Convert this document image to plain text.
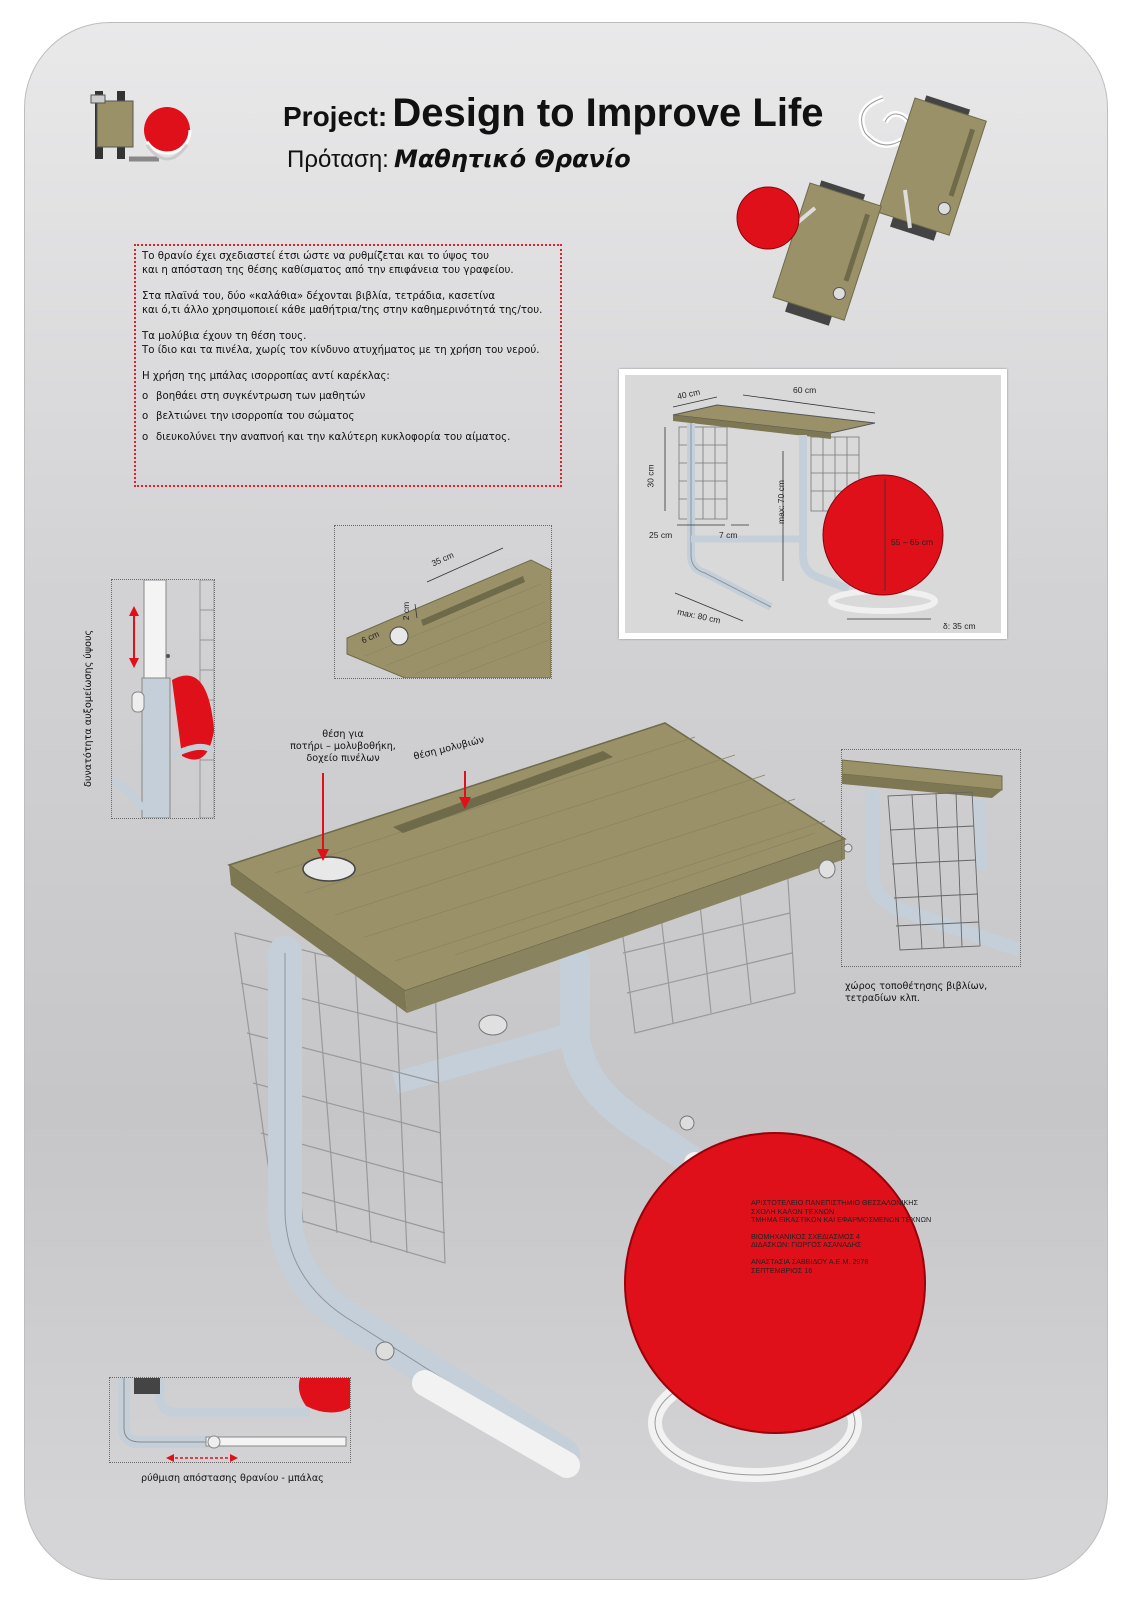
Project: Design to Improve Life
Πρόταση: Μαθητικό Θρανίο

Το θρανίο έχει σχεδιαστεί έτσι ώστε να ρυθμίζεται και το ύψος του
και η απόσταση της θέσης καθίσματος από την επιφάνεια του γραφείου.

Στα πλαϊνά του, δύο «καλάθια» δέχονται βιβλία, τετράδια, κασετίνα
και ό,τι άλλο χρησιμοποιεί κάθε μαθήτρια/της στην καθημερινότητά της/του.

Τα μολύβια έχουν τη θέση τους.
Το ίδιο και τα πινέλα, χωρίς τον κίνδυνο ατυχήματος με τη χρήση του νερού.

Η χρήση της μπάλας ισορροπίας αντί καρέκλας:

o βοηθάει στη συγκέντρωση των μαθητών
o βελτιώνει την ισορροπία του σώματος
o διευκολύνει την αναπνοή και την καλύτερη κυκλοφορία του αίματος.
40 cm	60 cm
30 cm
max: 70 cm
25 cm	7 cm
55 – 65 cm
max: 80 cm
δ: 35 cm
35 cm
2 cm
6 cm
δυνατότητα αυξομείωσης ύψους	θέση για
ποτήρι – μολυβοθήκη,
δοχείο πινέλων	θέση μολυβιών
χώρος τοποθέτησης βιβλίων,
τετραδίων κλπ.
ρύθμιση απόστασης θρανίου - μπάλας

ΑΡΙΣΤΟΤΕΛΕΙΟ ΠΑΝΕΠΙΣΤΗΜΙΟ ΘΕΣΣΑΛΟΝΙΚΗΣ
ΣΧΟΛΗ ΚΑΛΩΝ ΤΕΧΝΩΝ
ΤΜΗΜΑ ΕΙΚΑΣΤΙΚΩΝ ΚΑΙ ΕΦΑΡΜΟΣΜΕΝΩΝ ΤΕΧΝΩΝ

ΒΙΟΜΗΧΑΝΙΚΟΣ ΣΧΕΔΙΑΣΜΟΣ 4
ΔΙΔΑΣΚΩΝ: ΓΙΩΡΓΟΣ ΑΣΑΝΑΔΗΣ

ΑΝΑΣΤΑΣΙΑ ΣΑΒΒΙΔΟΥ Α.Ε.Μ. 2978
ΣΕΠΤΕΜΒΡΙΟΣ 16
